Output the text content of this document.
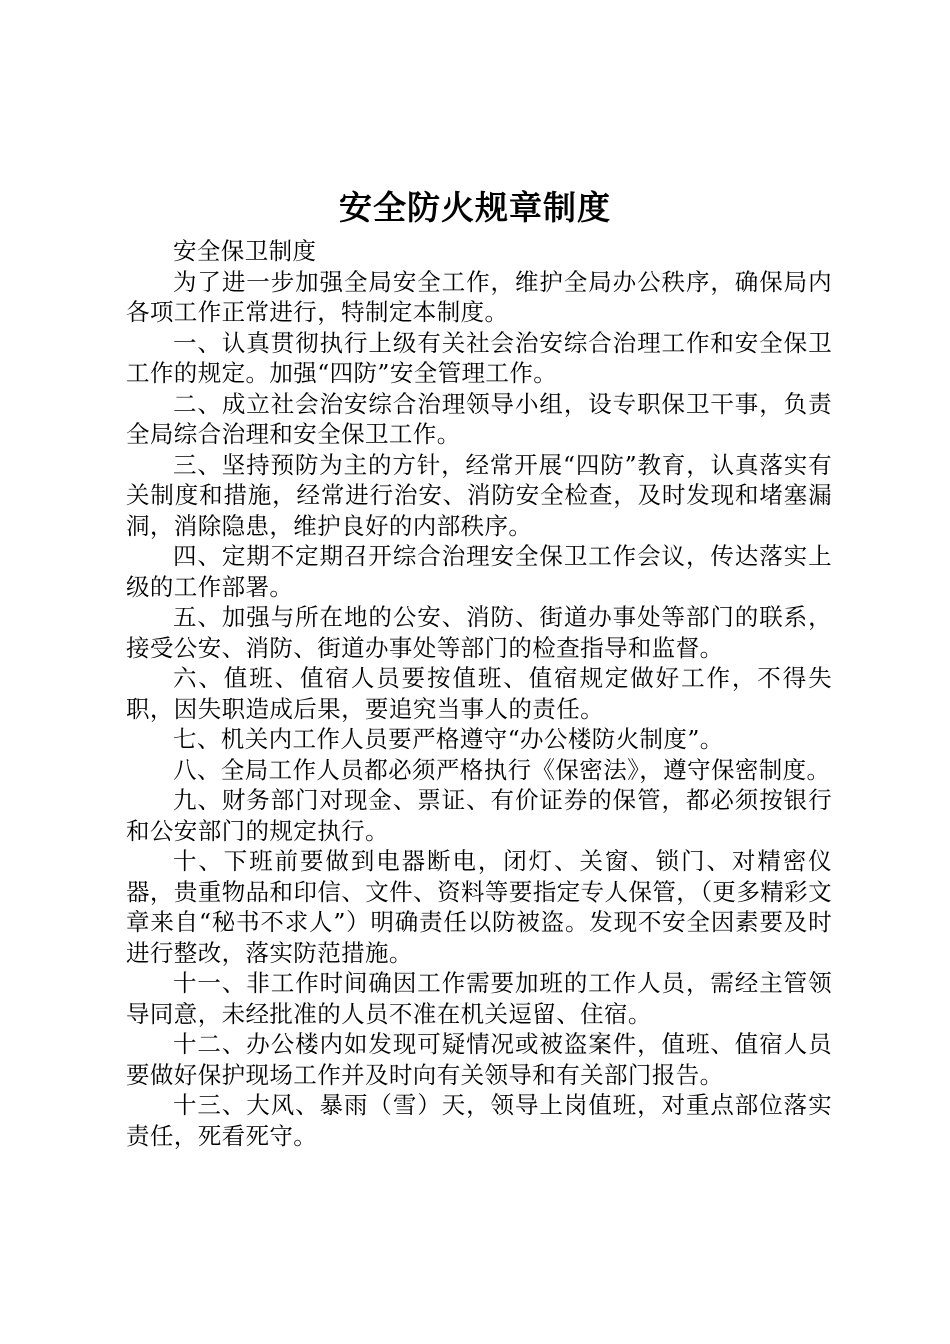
安全防火规章制度

安全保卫制度

为了进一步加强全局安全工作，维护全局办公秩序，确保局内各项工作正常进行，特制定本制度。

一、认真贯彻执行上级有关社会治安综合治理工作和安全保卫工作的规定。加强“四防”安全管理工作。

二、成立社会治安综合治理领导小组，设专职保卫干事，负责全局综合治理和安全保卫工作。

三、坚持预防为主的方针，经常开展“四防”教育，认真落实有关制度和措施，经常进行治安、消防安全检查，及时发现和堵塞漏洞，消除隐患，维护良好的内部秩序。

四、定期不定期召开综合治理安全保卫工作会议，传达落实上级的工作部署。

五、加强与所在地的公安、消防、街道办事处等部门的联系，接受公安、消防、街道办事处等部门的检查指导和监督。

六、值班、值宿人员要按值班、值宿规定做好工作，不得失职，因失职造成后果，要追究当事人的责任。

七、机关内工作人员要严格遵守“办公楼防火制度”。

八、全局工作人员都必须严格执行《保密法》，遵守保密制度。

九、财务部门对现金、票证、有价证券的保管，都必须按银行和公安部门的规定执行。

十、下班前要做到电器断电，闭灯、关窗、锁门、对精密仪器，贵重物品和印信、文件、资料等要指定专人保管，（更多精彩文章来自“秘书不求人”）明确责任以防被盗。发现不安全因素要及时进行整改，落实防范措施。

十一、非工作时间确因工作需要加班的工作人员，需经主管领导同意，未经批准的人员不准在机关逗留、住宿。

十二、办公楼内如发现可疑情况或被盗案件，值班、值宿人员要做好保护现场工作并及时向有关领导和有关部门报告。

十三、大风、暴雨（雪）天，领导上岗值班，对重点部位落实责任，死看死守。
